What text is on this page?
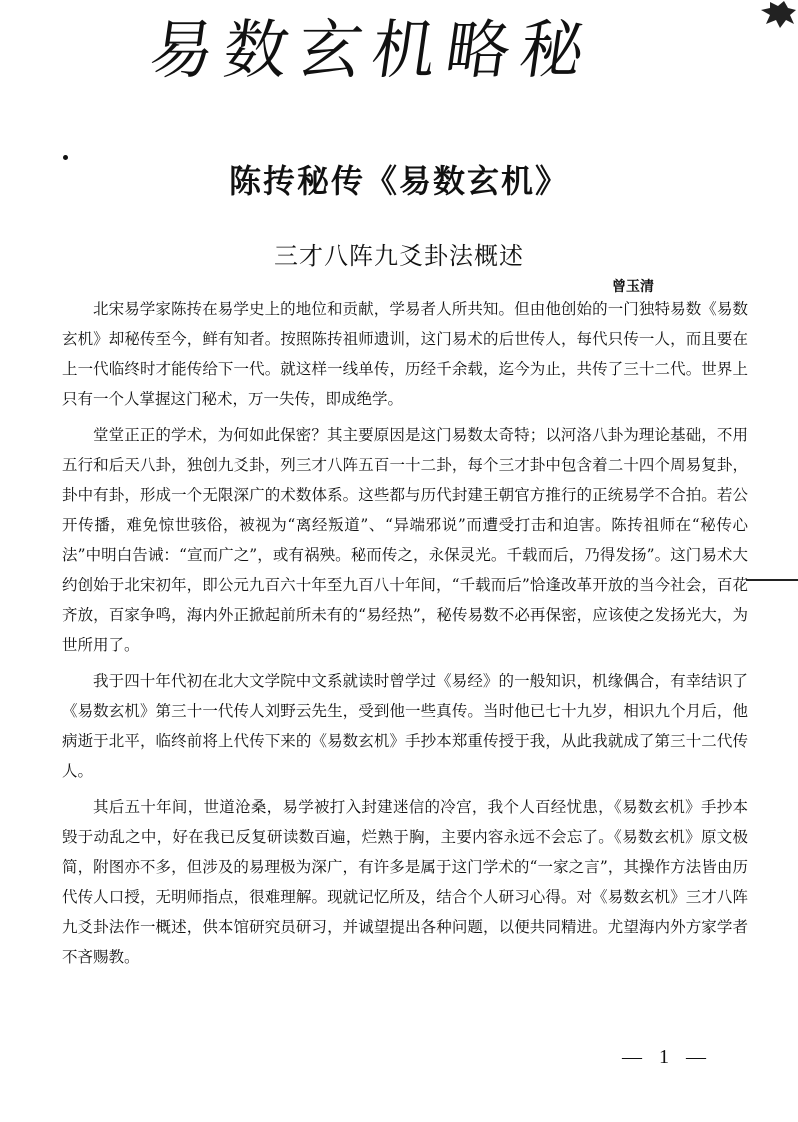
易数玄机略秘
陈抟秘传《易数玄机》
三才八阵九爻卦法概述
曾玉清

北宋易学家陈抟在易学史上的地位和贡献，学易者人所共知。但由他创始的一门独特易数《易数玄机》却秘传至今，鲜有知者。按照陈抟祖师遗训，这门易术的后世传人，每代只传一人，而且要在上一代临终时才能传给下一代。就这样一线单传，历经千余载，迄今为止，共传了三十二代。世界上只有一个人掌握这门秘术，万一失传，即成绝学。

堂堂正正的学术，为何如此保密？其主要原因是这门易数太奇特；以河洛八卦为理论基础，不用五行和后天八卦，独创九爻卦，列三才八阵五百一十二卦，每个三才卦中包含着二十四个周易复卦，卦中有卦，形成一个无限深广的术数体系。这些都与历代封建王朝官方推行的正统易学不合拍。若公开传播，难免惊世骇俗，被视为“离经叛道”、“异端邪说”而遭受打击和迫害。陈抟祖师在“秘传心法”中明白告诫：“宣而广之”，或有祸殃。秘而传之，永保灵光。千载而后，乃得发扬”。这门易术大约创始于北宋初年，即公元九百六十年至九百八十年间，“千载而后”恰逢改革开放的当今社会，百花齐放，百家争鸣，海内外正掀起前所未有的“易经热”，秘传易数不必再保密，应该使之发扬光大，为世所用了。

我于四十年代初在北大文学院中文系就读时曾学过《易经》的一般知识，机缘偶合，有幸结识了《易数玄机》第三十一代传人刘野云先生，受到他一些真传。当时他已七十九岁，相识九个月后，他病逝于北平，临终前将上代传下来的《易数玄机》手抄本郑重传授于我，从此我就成了第三十二代传人。

其后五十年间，世道沧桑，易学被打入封建迷信的冷宫，我个人百经忧患，《易数玄机》手抄本毁于动乱之中，好在我已反复研读数百遍，烂熟于胸，主要内容永远不会忘了。《易数玄机》原文极简，附图亦不多，但涉及的易理极为深广，有许多是属于这门学术的“一家之言”，其操作方法皆由历代传人口授，无明师指点，很难理解。现就记忆所及，结合个人研习心得。对《易数玄机》三才八阵九爻卦法作一概述，供本馆研究员研习，并诚望提出各种问题，以便共同精进。尤望海内外方家学者不吝赐教。

— 1 —
